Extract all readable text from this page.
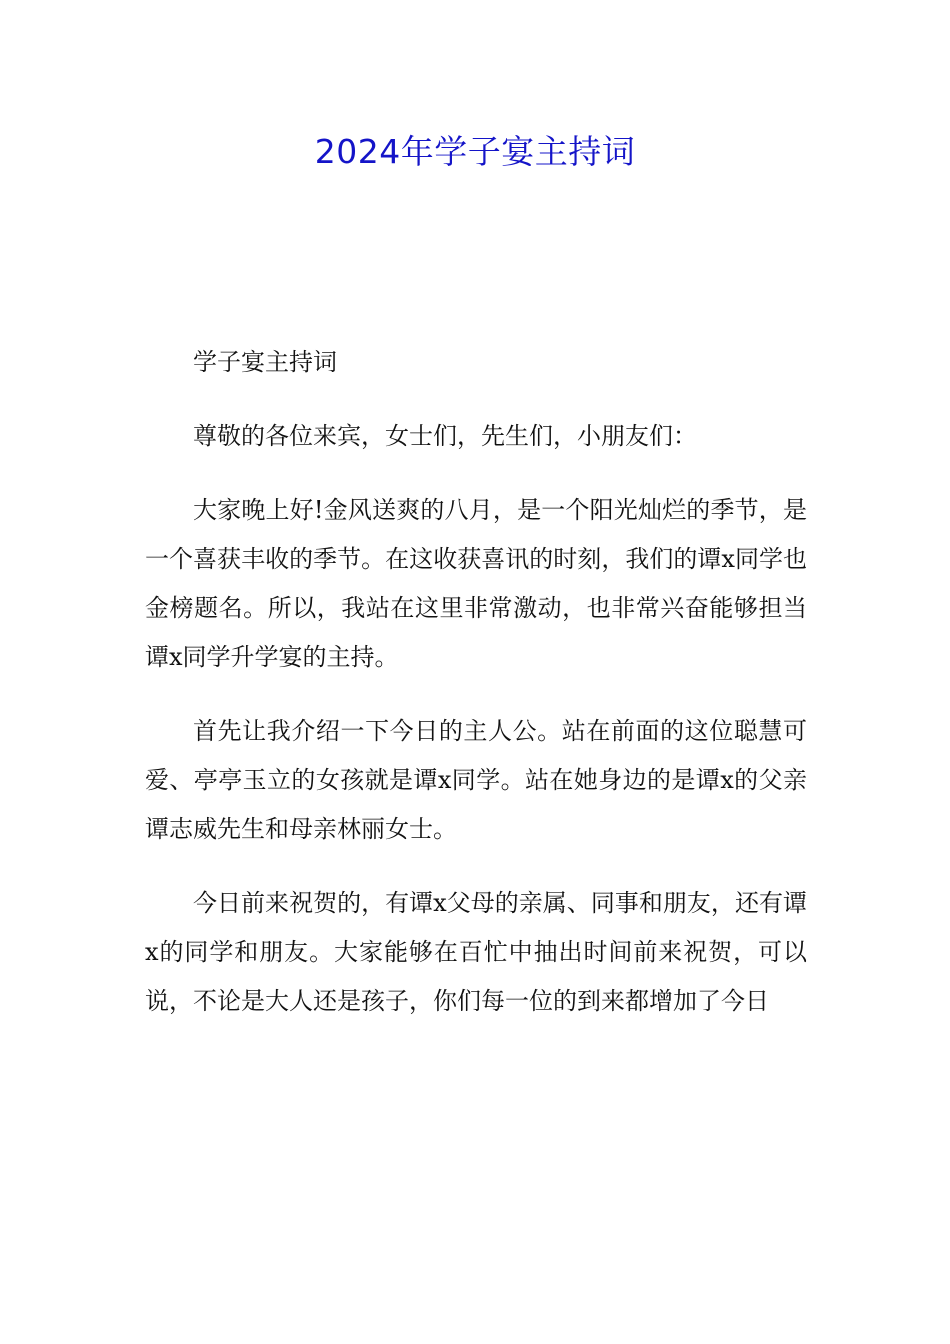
2024年学子宴主持词

学子宴主持词

尊敬的各位来宾，女士们，先生们，小朋友们：

大家晚上好!金风送爽的八月，是一个阳光灿烂的季节，是一个喜获丰收的季节。在这收获喜讯的时刻，我们的谭x同学也金榜题名。所以，我站在这里非常激动，也非常兴奋能够担当谭x同学升学宴的主持。

首先让我介绍一下今日的主人公。站在前面的这位聪慧可爱、亭亭玉立的女孩就是谭x同学。站在她身边的是谭x的父亲谭志威先生和母亲林丽女士。

今日前来祝贺的，有谭x父母的亲属、同事和朋友，还有谭x的同学和朋友。大家能够在百忙中抽出时间前来祝贺，可以说，不论是大人还是孩子，你们每一位的到来都增加了今日
